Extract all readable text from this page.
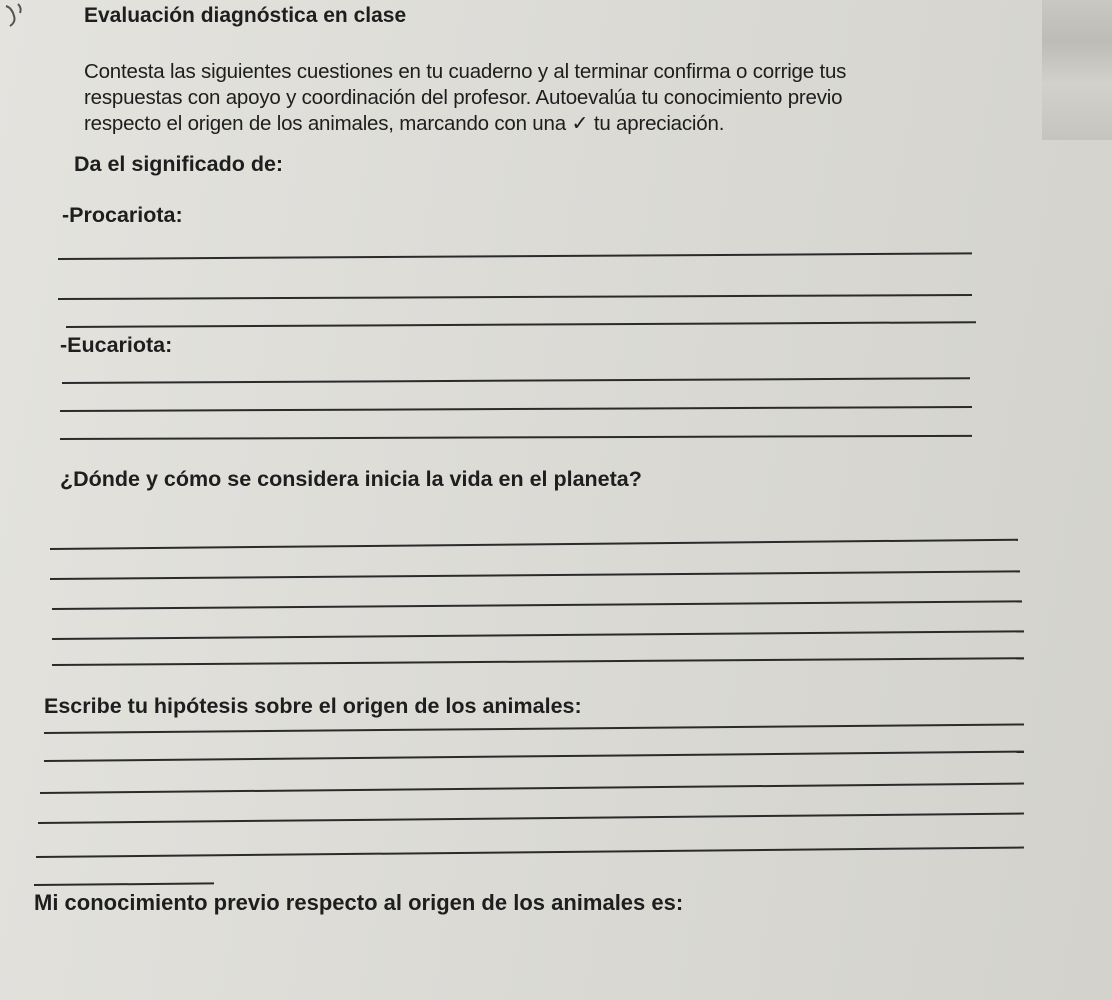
Evaluación diagnóstica en clase
Contesta las siguientes cuestiones en tu cuaderno y al terminar confirma o corrige tus
respuestas con apoyo y coordinación del profesor. Autoevalúa tu conocimiento previo
respecto el origen de los animales, marcando con una ✓ tu apreciación.
Da el significado de:
-Procariota:
-Eucariota:
¿Dónde y cómo se considera inicia la vida en el planeta?
Escribe tu hipótesis sobre el origen de los animales:
Mi conocimiento previo respecto al origen de los animales es:
